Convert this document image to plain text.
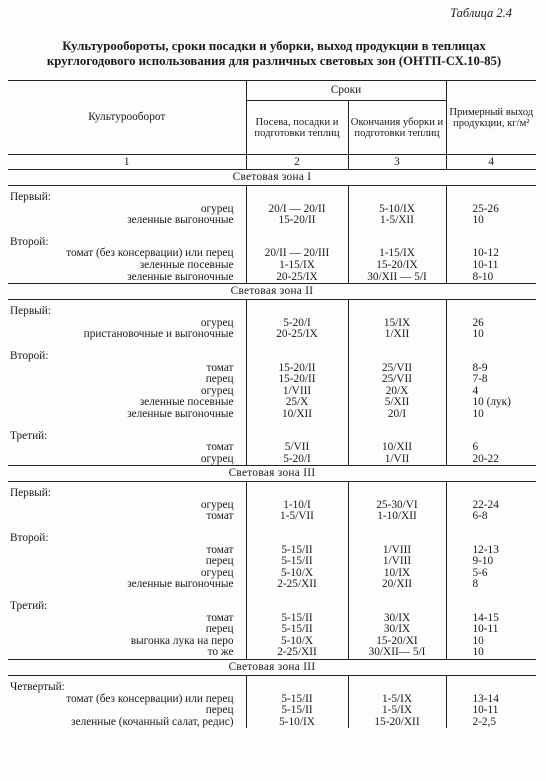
Таблица 2.4
Культурообороты, сроки посадки и уборки, выход продукции в теплицах круглогодового использования для различных световых зон (ОНТП-СХ.10-85)
Культурооборот	Сроки		Примерный выход продукции, кг/м²
	Посева, посадки и подготовки теплиц	Окончания уборки и подготовки теплиц	
1	2	3	4
Световая зона I			

Первый:			
огурец	20/I — 20/II	5-10/IX	25-26
зеленные выгоночные	15-20/II	1-5/XII	10

Второй:			
томат (без консервации) или перец	20/II — 20/III	1-15/IX	10-12
зеленные посевные	1-15/IX	15-20/IX	10-11
зеленные выгоночные	20-25/IX	30/XII — 5/I	8-10
Световая зона II			

Первый:			
огурец	5-20/I	15/IX	26
пристановочные и выгоночные	20-25/IX	1/XII	10

Второй:			
томат	15-20/II	25/VII	8-9
перец	15-20/II	25/VII	7-8
огурец	1/VIII	20/X	4
зеленные посевные	25/X	5/XII	10 (лук)
зеленные выгоночные	10/XII	20/I	10

Третий:			
томат	5/VII	10/XII	6
огурец	5-20/I	1/VII	20-22
Световая зона III			

Первый:			
огурец	1-10/I	25-30/VI	22-24
томат	1-5/VII	1-10/XII	6-8

Второй:			
томат	5-15/II	1/VIII	12-13
перец	5-15/II	1/VIII	9-10
огурец	5-10/X	10/IX	5-6
зеленные выгоночные	2-25/XII	20/XII	8

Третий:			
томат	5-15/II	30/IX	14-15
перец	5-15/II	30/IX	10-11
выгонка лука на перо	5-10/X	15-20/XI	10
то же	2-25/XII	30/XII— 5/I	10
Световая зона III			

Четвертый:			
томат (без консервации) или перец	5-15/II	1-5/IX	13-14
перец	5-15/II	1-5/IX	10-11
зеленные (кочанный салат, редис)	5-10/IX	15-20/XII	2-2,5
